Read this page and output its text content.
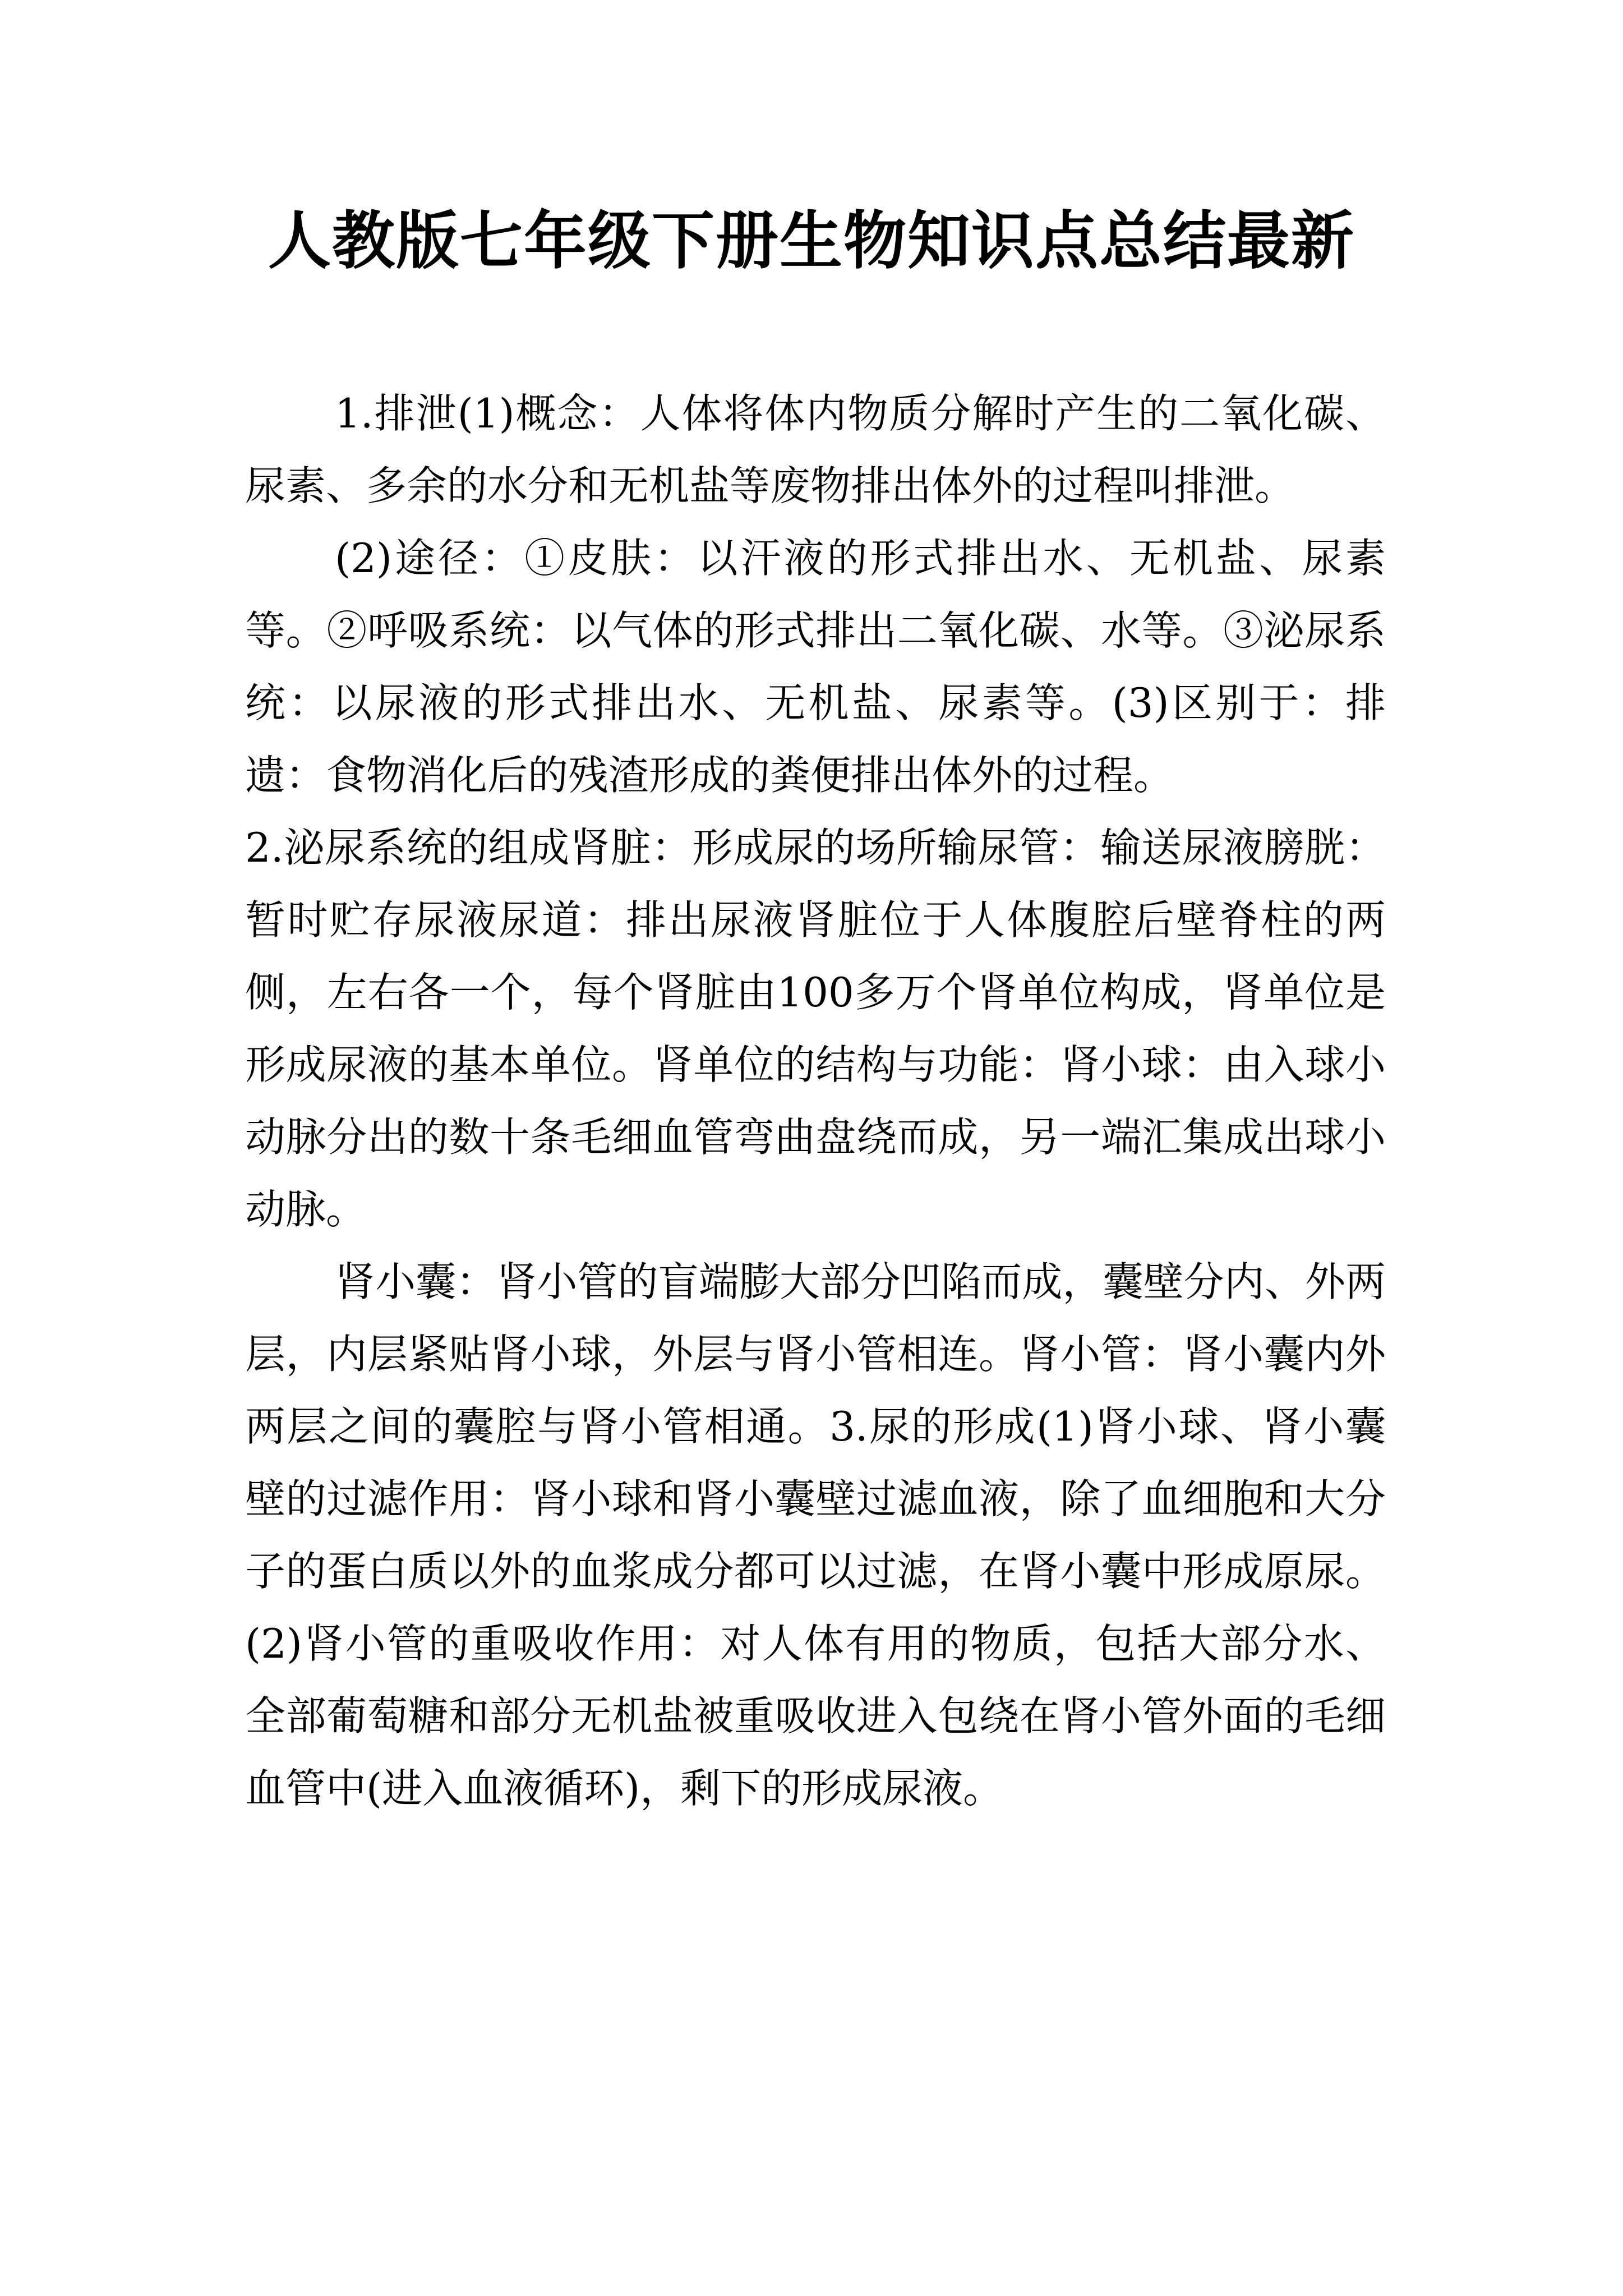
人教版七年级下册生物知识点总结最新

1.排泄(1)概念：人体将体内物质分解时产生的二氧化碳、尿素、多余的水分和无机盐等废物排出体外的过程叫排泄。

(2)途径：①皮肤：以汗液的形式排出水、无机盐、尿素等。②呼吸系统：以气体的形式排出二氧化碳、水等。③泌尿系统：以尿液的形式排出水、无机盐、尿素等。(3)区别于：排遗：食物消化后的残渣形成的粪便排出体外的过程。

2.泌尿系统的组成肾脏：形成尿的场所输尿管：输送尿液膀胱：暂时贮存尿液尿道：排出尿液肾脏位于人体腹腔后壁脊柱的两侧，左右各一个，每个肾脏由100多万个肾单位构成，肾单位是形成尿液的基本单位。肾单位的结构与功能：肾小球：由入球小动脉分出的数十条毛细血管弯曲盘绕而成，另一端汇集成出球小动脉。

肾小囊：肾小管的盲端膨大部分凹陷而成，囊壁分内、外两层，内层紧贴肾小球，外层与肾小管相连。肾小管：肾小囊内外两层之间的囊腔与肾小管相通。3.尿的形成(1)肾小球、肾小囊壁的过滤作用：肾小球和肾小囊壁过滤血液，除了血细胞和大分子的蛋白质以外的血浆成分都可以过滤，在肾小囊中形成原尿。(2)肾小管的重吸收作用：对人体有用的物质，包括大部分水、全部葡萄糖和部分无机盐被重吸收进入包绕在肾小管外面的毛细血管中(进入血液循环)，剩下的形成尿液。
